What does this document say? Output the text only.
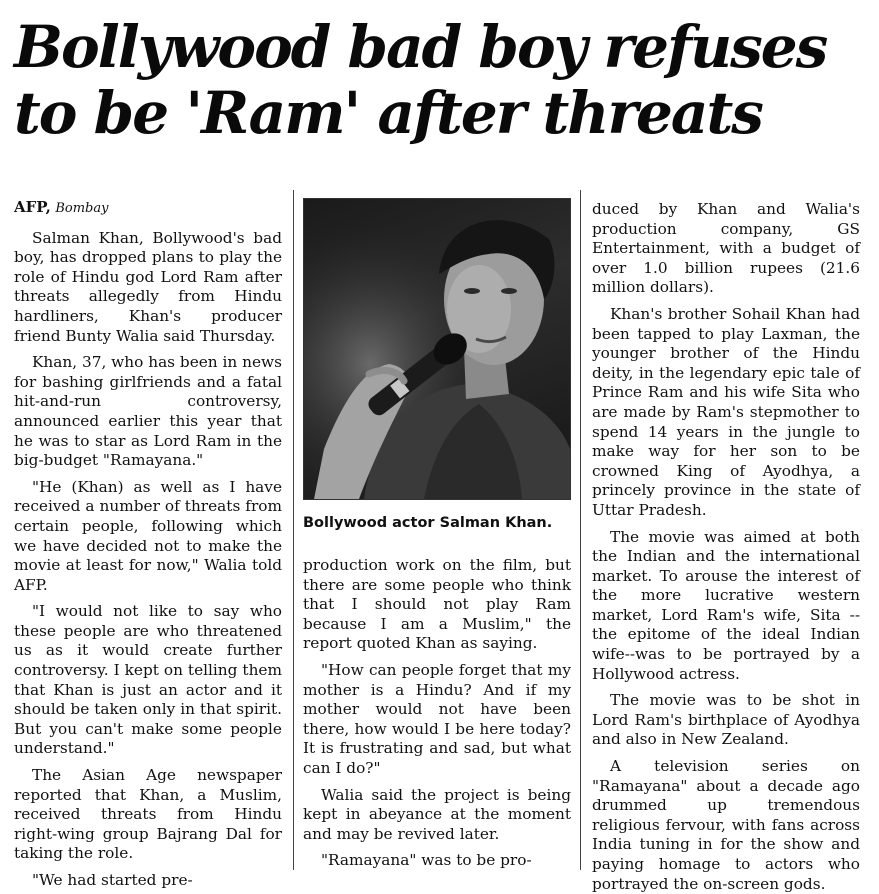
Bollywood bad boy refuses
to be 'Ram' after threats
AFP, Bombay

Salman Khan, Bollywood's bad boy, has dropped plans to play the role of Hindu god Lord Ram after threats allegedly from Hindu hardliners, Khan's producer friend Bunty Walia said Thursday.

Khan, 37, who has been in news for bashing girlfriends and a fatal hit-and-run controversy, announced earlier this year that he was to star as Lord Ram in the big-budget "Ramayana."

"He (Khan) as well as I have received a number of threats from certain people, following which we have decided not to make the movie at least for now," Walia told AFP.

"I would not like to say who these people are who threatened us as it would create further controversy. I kept on telling them that Khan is just an actor and it should be taken only in that spirit. But you can't make some people understand."

The Asian Age newspaper reported that Khan, a Muslim, received threats from Hindu right-wing group Bajrang Dal for taking the role.

"We had started pre-

Bollywood actor Salman Khan.

production work on the film, but there are some people who think that I should not play Ram because I am a Muslim," the report quoted Khan as saying.

"How can people forget that my mother is a Hindu? And if my mother would not have been there, how would I be here today? It is frustrating and sad, but what can I do?"

Walia said the project is being kept in abeyance at the moment and may be revived later.

"Ramayana" was to be pro-

duced by Khan and Walia's production company, GS Entertainment, with a budget of over 1.0 billion rupees (21.6 million dollars).

Khan's brother Sohail Khan had been tapped to play Laxman, the younger brother of the Hindu deity, in the legendary epic tale of Prince Ram and his wife Sita who are made by Ram's stepmother to spend 14 years in the jungle to make way for her son to be crowned King of Ayodhya, a princely province in the state of Uttar Pradesh.

The movie was aimed at both the Indian and the international market. To arouse the interest of the more lucrative western market, Lord Ram's wife, Sita -- the epitome of the ideal Indian wife--was to be portrayed by a Hollywood actress.

The movie was to be shot in Lord Ram's birthplace of Ayodhya and also in New Zealand.

A television series on "Ramayana" about a decade ago drummed up tremendous religious fervour, with fans across India tuning in for the show and paying homage to actors who portrayed the on-screen gods.
